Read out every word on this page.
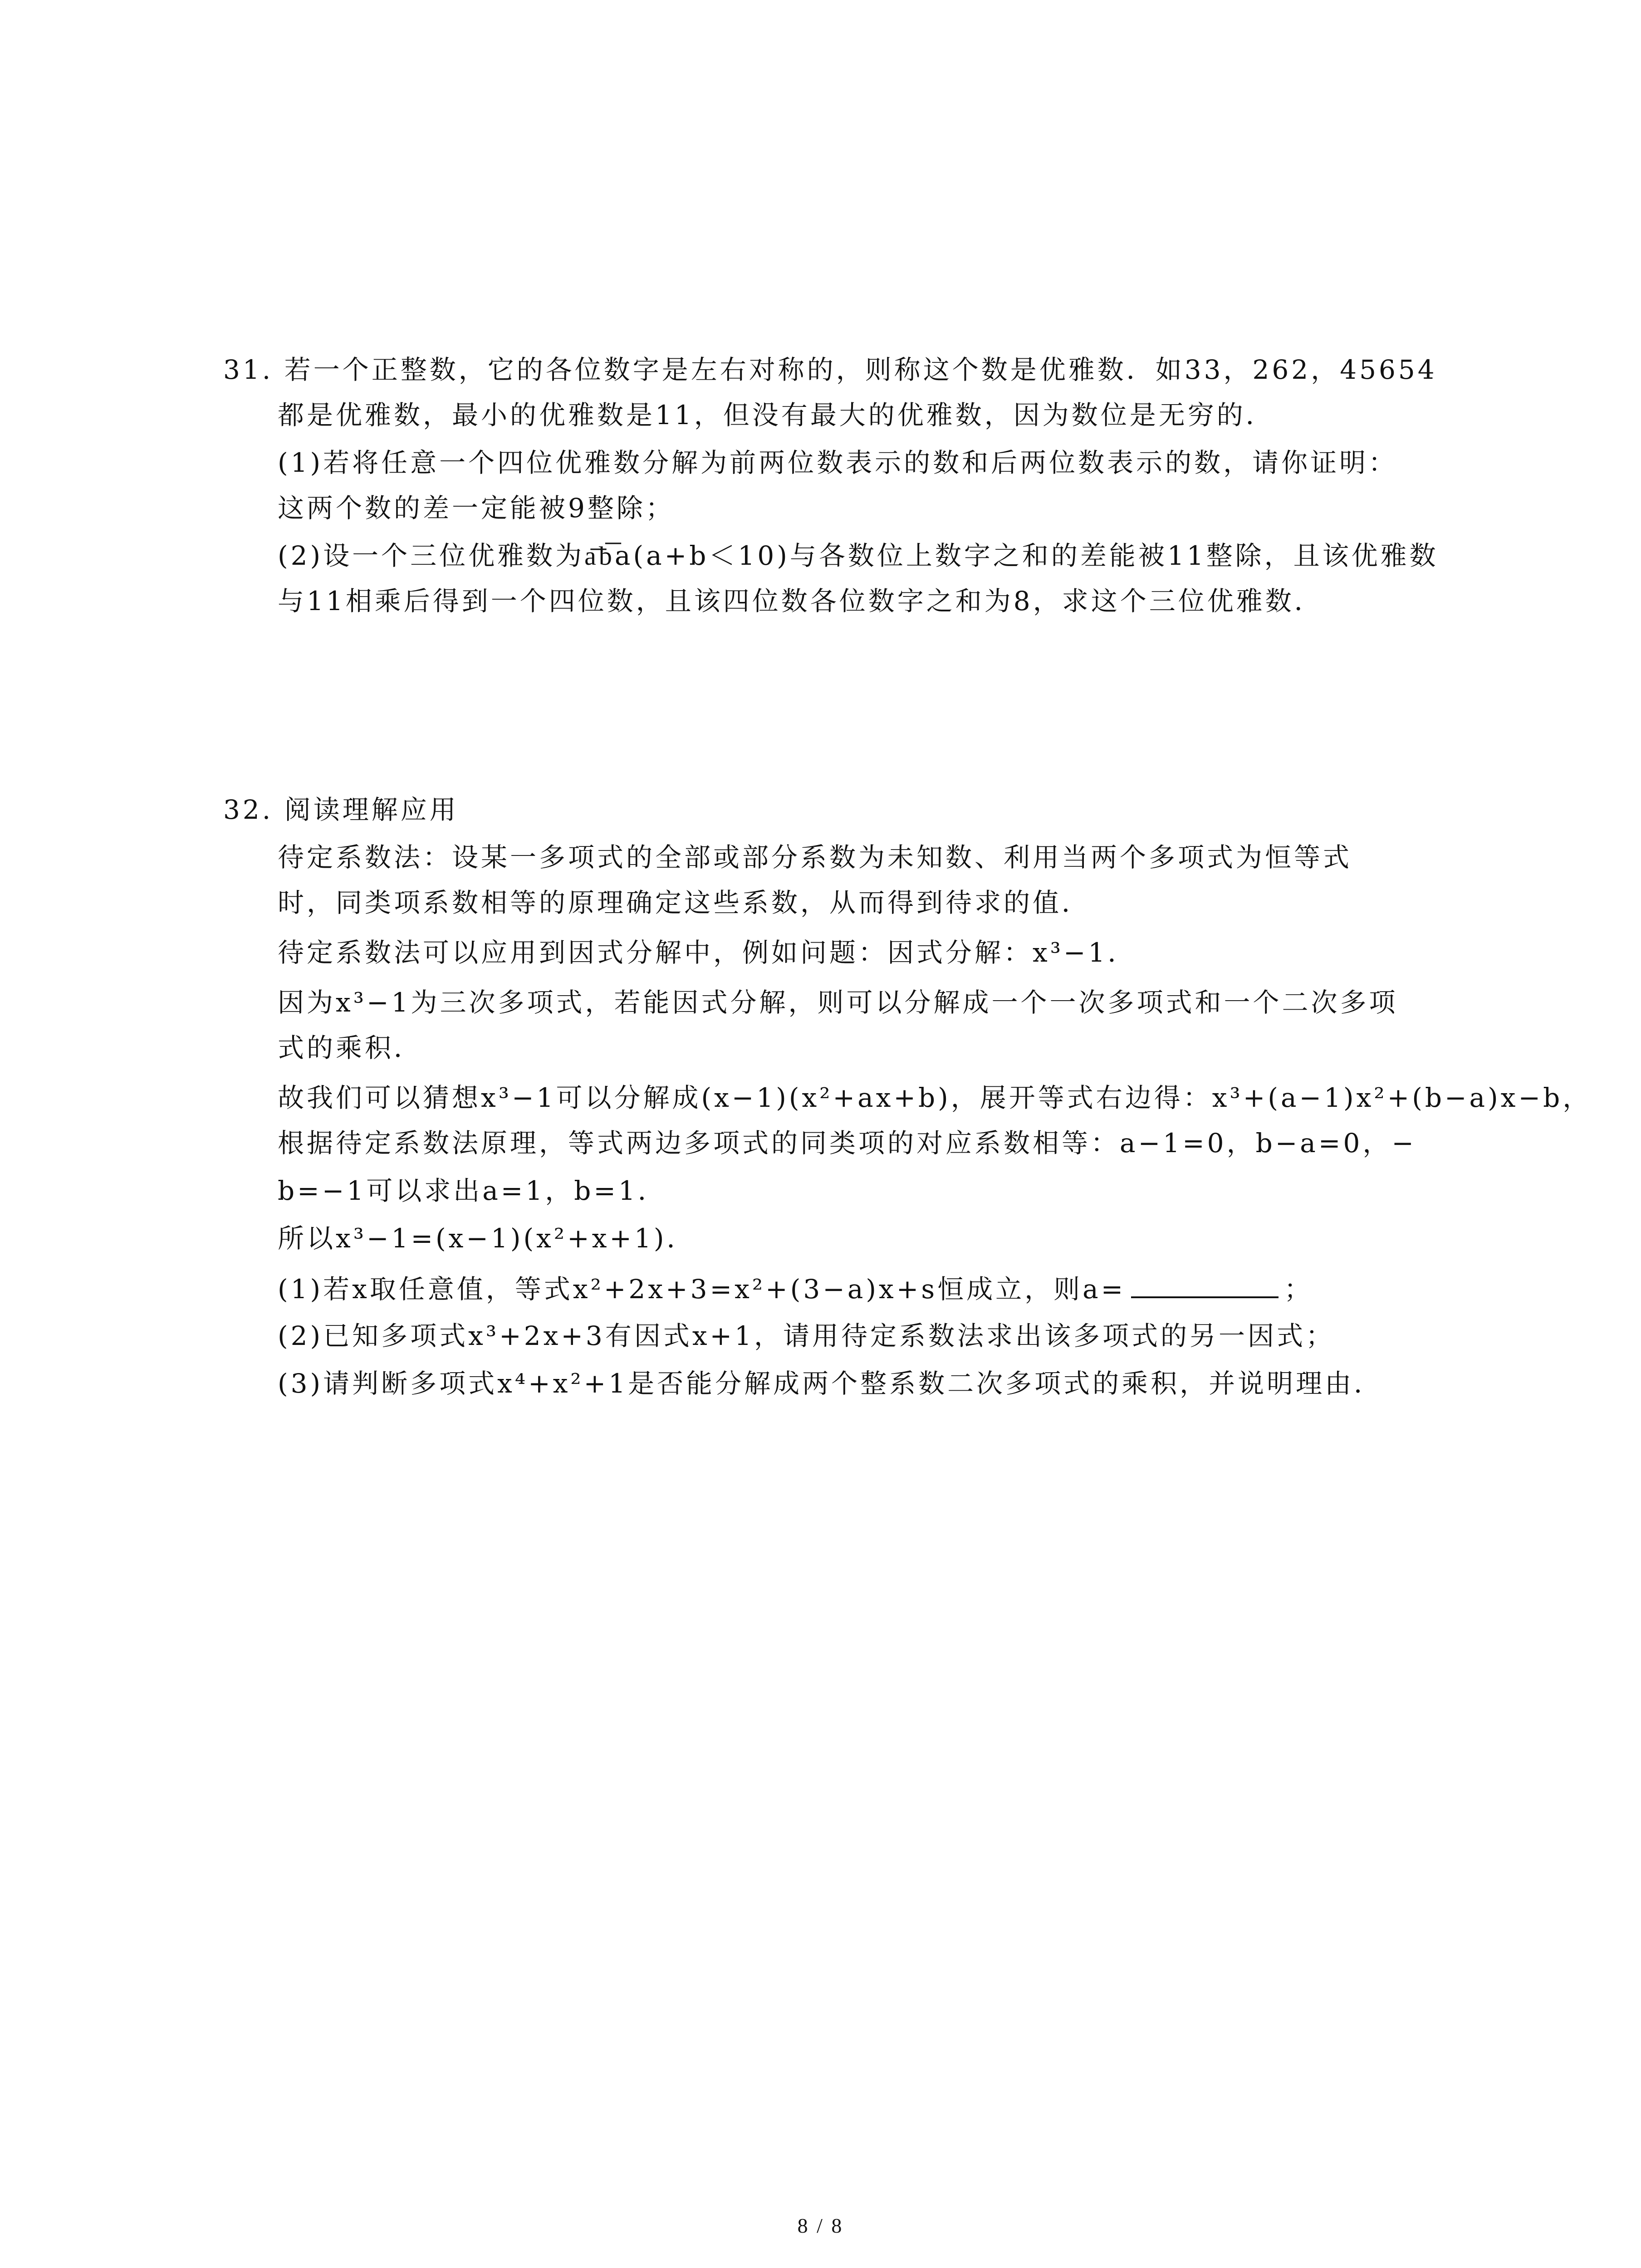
31. 若一个正整数，它的各位数字是左右对称的，则称这个数是优雅数．如33，262，45654
都是优雅数，最小的优雅数是11，但没有最大的优雅数，因为数位是无穷的．
(1)若将任意一个四位优雅数分解为前两位数表示的数和后两位数表示的数，请你证明：
这两个数的差一定能被9整除；
(2)设一个三位优雅数为a͞b͞a(a+b＜10)与各数位上数字之和的差能被11整除，且该优雅数
与11相乘后得到一个四位数，且该四位数各位数字之和为8，求这个三位优雅数．
32. 阅读理解应用
待定系数法：设某一多项式的全部或部分系数为未知数、利用当两个多项式为恒等式
时，同类项系数相等的原理确定这些系数，从而得到待求的值．
待定系数法可以应用到因式分解中，例如问题：因式分解：x³−1．
因为x³−1为三次多项式，若能因式分解，则可以分解成一个一次多项式和一个二次多项
式的乘积．
故我们可以猜想x³−1可以分解成(x−1)(x²+ax+b)，展开等式右边得：x³+(a−1)x²+(b−a)x−b，
根据待定系数法原理，等式两边多项式的同类项的对应系数相等：a−1=0，b−a=0，−
b=−1可以求出a=1，b=1．
所以x³−1=(x−1)(x²+x+1)．
(1)若x取任意值，等式x²+2x+3=x²+(3−a)x+s恒成立，则a=	；
(2)已知多项式x³+2x+3有因式x+1，请用待定系数法求出该多项式的另一因式；
(3)请判断多项式x⁴+x²+1是否能分解成两个整系数二次多项式的乘积，并说明理由．
8 / 8
